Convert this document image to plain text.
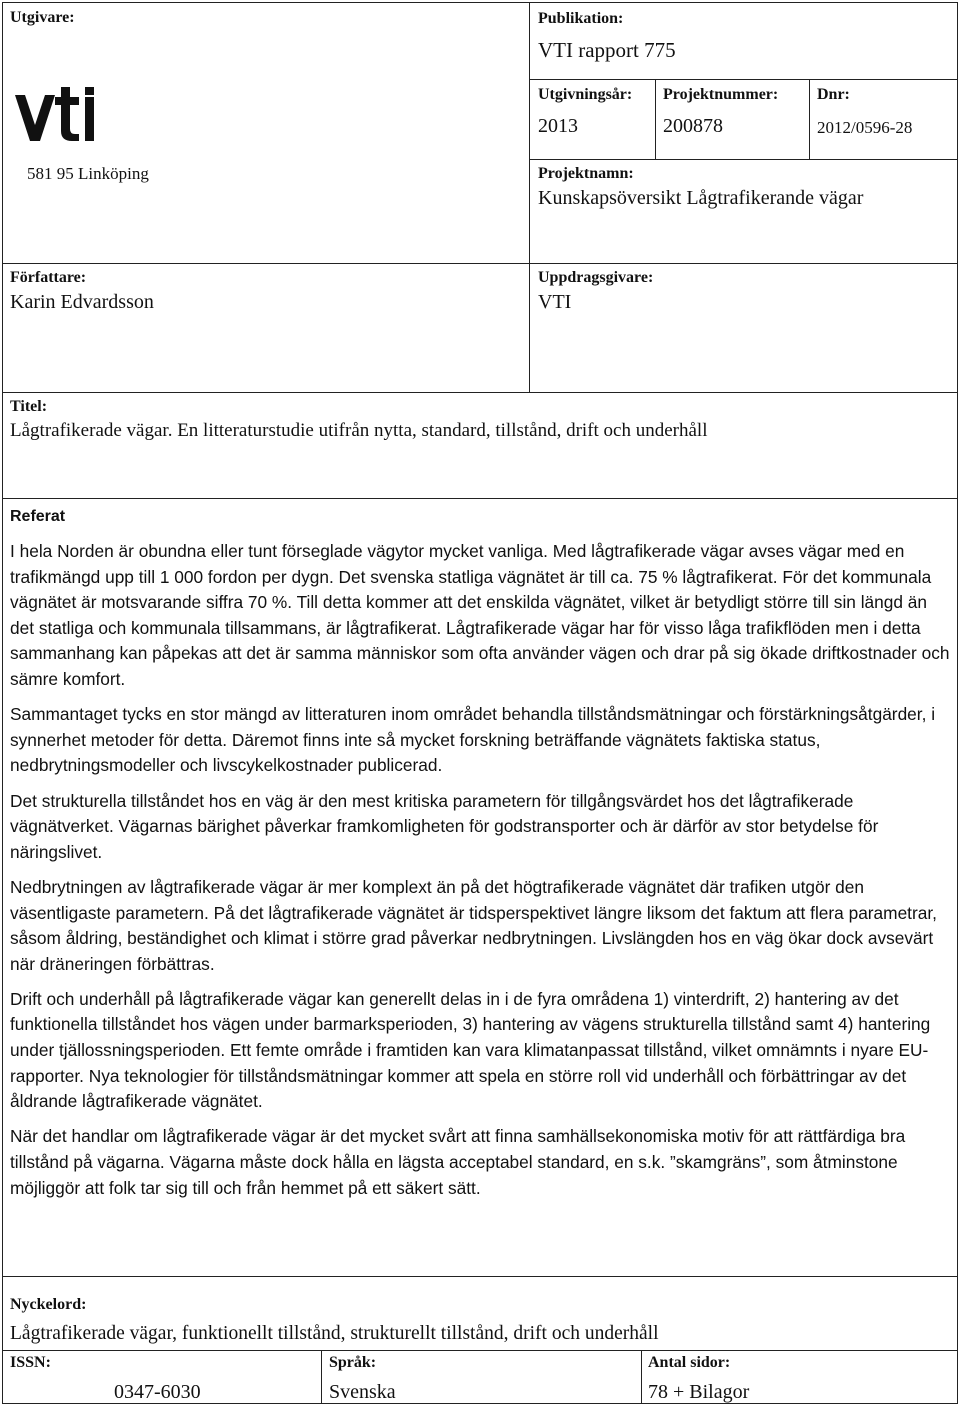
Utgivare:
581 95 Linköping
Publikation:
VTI rapport 775
Utgivningsår:
2013
Projektnummer:
200878
Dnr:
2012/0596-28
Projektnamn:
Kunskapsöversikt Lågtrafikerande vägar
Författare:
Karin Edvardsson
Uppdragsgivare:
VTI
Titel:
Lågtrafikerade vägar. En litteraturstudie utifrån nytta, standard, tillstånd, drift och underhåll
Referat

I hela Norden är obundna eller tunt förseglade vägytor mycket vanliga. Med lågtrafikerade vägar avses vägar med en trafikmängd upp till 1 000 fordon per dygn. Det svenska statliga vägnätet är till ca. 75 % lågtrafikerat. För det kommunala vägnätet är motsvarande siffra 70 %. Till detta kommer att det enskilda vägnätet, vilket är betydligt större till sin längd än det statliga och kommunala tillsammans, är lågtrafikerat. Lågtrafikerade vägar har för visso låga trafikflöden men i detta sammanhang kan påpekas att det är samma människor som ofta använder vägen och drar på sig ökade driftkostnader och sämre komfort.

Sammantaget tycks en stor mängd av litteraturen inom området behandla tillståndsmätningar och förstärkningsåtgärder, i synnerhet metoder för detta. Däremot finns inte så mycket forskning beträffande vägnätets faktiska status, nedbrytningsmodeller och livscykelkostnader publicerad.

Det strukturella tillståndet hos en väg är den mest kritiska parametern för tillgångsvärdet hos det lågtrafikerade vägnätverket. Vägarnas bärighet påverkar framkomligheten för godstransporter och är därför av stor betydelse för näringslivet.

Nedbrytningen av lågtrafikerade vägar är mer komplext än på det högtrafikerade vägnätet där trafiken utgör den väsentligaste parametern. På det lågtrafikerade vägnätet är tidsperspektivet längre liksom det faktum att flera parametrar, såsom åldring, beständighet och klimat i större grad påverkar nedbrytningen. Livslängden hos en väg ökar dock avsevärt när dräneringen förbättras.

Drift och underhåll på lågtrafikerade vägar kan generellt delas in i de fyra områdena 1) vinterdrift, 2) hantering av det funktionella tillståndet hos vägen under barmarksperioden, 3) hantering av vägens strukturella tillstånd samt 4) hantering under tjällossningsperioden. Ett femte område i framtiden kan vara klimatanpassat tillstånd, vilket omnämnts i nyare EU-rapporter. Nya teknologier för tillståndsmätningar kommer att spela en större roll vid underhåll och förbättringar av det åldrande lågtrafikerade vägnätet.

När det handlar om lågtrafikerade vägar är det mycket svårt att finna samhällsekonomiska motiv för att rättfärdiga bra tillstånd på vägarna. Vägarna måste dock hålla en lägsta acceptabel standard, en s.k. ”skamgräns”, som åtminstone möjliggör att folk tar sig till och från hemmet på ett säkert sätt.

Nyckelord:
Lågtrafikerade vägar, funktionellt tillstånd, strukturellt tillstånd, drift och underhåll
ISSN:
0347-6030
Språk:
Svenska
Antal sidor:
78 + Bilagor
